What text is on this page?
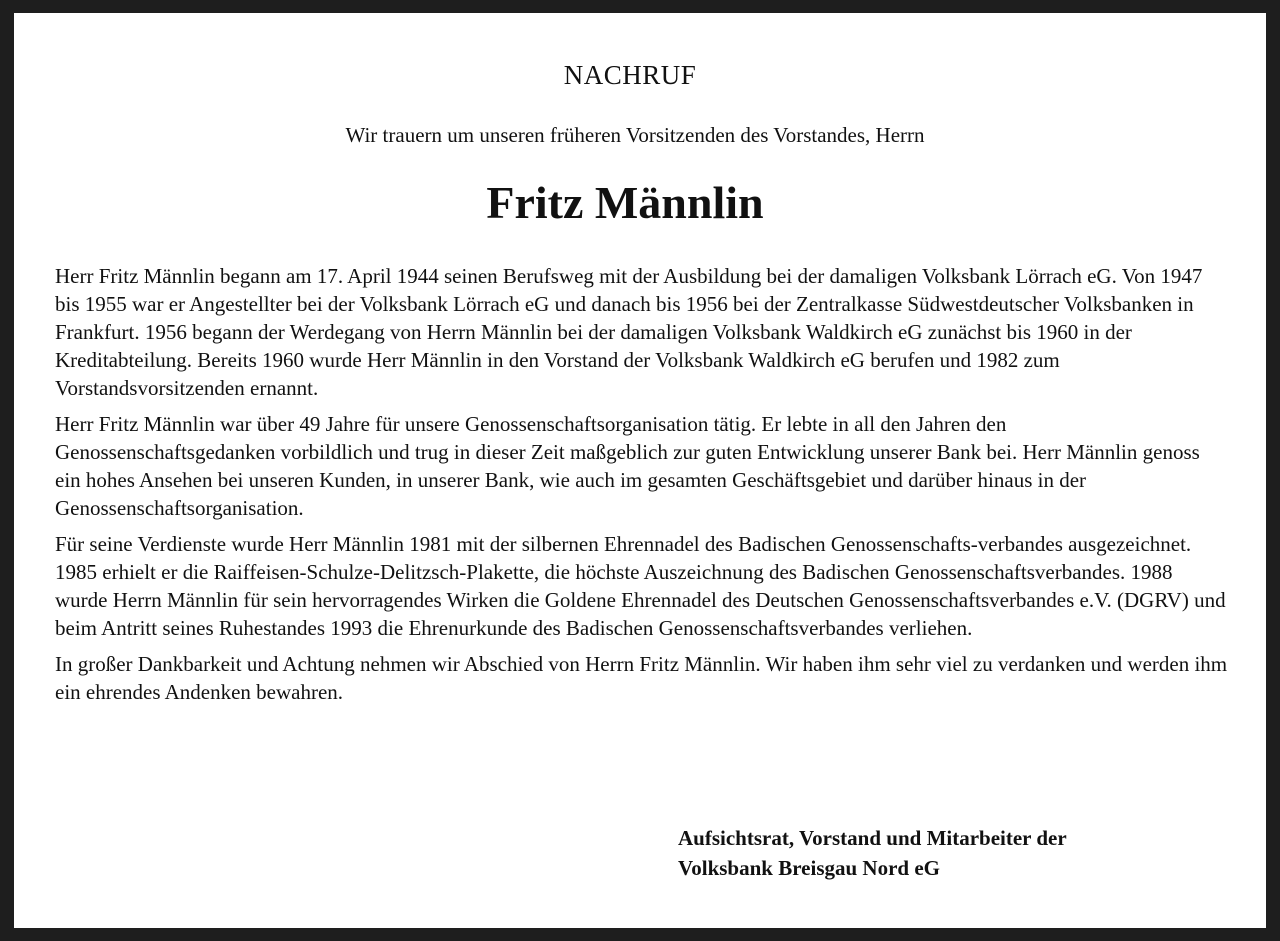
NACHRUF
Wir trauern um unseren früheren Vorsitzenden des Vorstandes, Herrn
Fritz Männlin

Herr Fritz Männlin begann am 17. April 1944 seinen Berufsweg mit der Ausbildung bei der damaligen Volksbank Lörrach eG. Von 1947 bis 1955 war er Angestellter bei der Volksbank Lörrach eG und danach bis 1956 bei der Zentralkasse Südwestdeutscher Volksbanken in Frankfurt. 1956 begann der Werdegang von Herrn Männlin bei der damaligen Volksbank Waldkirch eG zunächst bis 1960 in der Kreditabteilung. Bereits 1960 wurde Herr Männlin in den Vorstand der Volksbank Waldkirch eG berufen und 1982 zum Vorstandsvorsitzenden ernannt.

Herr Fritz Männlin war über 49 Jahre für unsere Genossenschaftsorganisation tätig. Er lebte in all den Jahren den Genossenschaftsgedanken vorbildlich und trug in dieser Zeit maßgeblich zur guten Entwicklung unserer Bank bei. Herr Männlin genoss ein hohes Ansehen bei unseren Kunden, in unserer Bank, wie auch im gesamten Geschäftsgebiet und darüber hinaus in der Genossenschaftsorganisation.

Für seine Verdienste wurde Herr Männlin 1981 mit der silbernen Ehrennadel des Badischen Genossenschafts-verbandes ausgezeichnet. 1985 erhielt er die Raiffeisen-Schulze-Delitzsch-Plakette, die höchste Auszeichnung des Badischen Genossenschaftsverbandes. 1988 wurde Herrn Männlin für sein hervorragendes Wirken die Goldene Ehrennadel des Deutschen Genossenschaftsverbandes e.V. (DGRV) und beim Antritt seines Ruhestandes 1993 die Ehrenurkunde des Badischen Genossenschaftsverbandes verliehen.

In großer Dankbarkeit und Achtung nehmen wir Abschied von Herrn Fritz Männlin. Wir haben ihm sehr viel zu verdanken und werden ihm ein ehrendes Andenken bewahren.

Aufsichtsrat, Vorstand und Mitarbeiter der
Volksbank Breisgau Nord eG
